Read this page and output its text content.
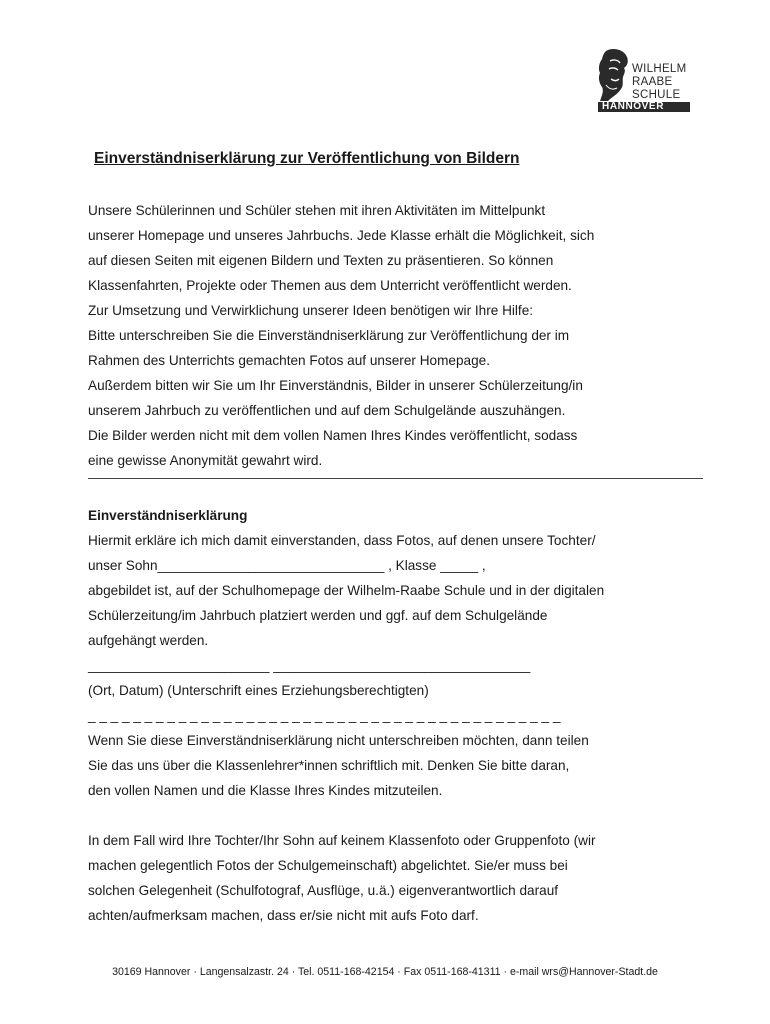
WILHELM
RAABE
SCHULE
HANNOVER
Einverständniserklärung zur Veröffentlichung von Bildern
Unsere Schülerinnen und Schüler stehen mit ihren Aktivitäten im Mittelpunkt
unserer Homepage und unseres Jahrbuchs. Jede Klasse erhält die Möglichkeit, sich
auf diesen Seiten mit eigenen Bildern und Texten zu präsentieren. So können
Klassenfahrten, Projekte oder Themen aus dem Unterricht veröffentlicht werden.
Zur Umsetzung und Verwirklichung unserer Ideen benötigen wir Ihre Hilfe:
Bitte unterschreiben Sie die Einverständniserklärung zur Veröffentlichung der im
Rahmen des Unterrichts gemachten Fotos auf unserer Homepage.
Außerdem bitten wir Sie um Ihr Einverständnis, Bilder in unserer Schülerzeitung/in
unserem Jahrbuch zu veröffentlichen und auf dem Schulgelände auszuhängen.
Die Bilder werden nicht mit dem vollen Namen Ihres Kindes veröffentlicht, sodass
eine gewisse Anonymität gewahrt wird.
Einverständniserklärung
Hiermit erkläre ich mich damit einverstanden, dass Fotos, auf denen unsere Tochter/
unser Sohn______________________________ , Klasse _____ ,
abgebildet ist, auf der Schulhomepage der Wilhelm-Raabe Schule und in der digitalen
Schülerzeitung/im Jahrbuch platziert werden und ggf. auf dem Schulgelände
aufgehängt werden.
________________________ __________________________________
(Ort, Datum) (Unterschrift eines Erziehungsberechtigten)
_ _ _ _ _ _ _ _ _ _ _ _ _ _ _ _ _ _ _ _ _ _ _ _ _ _ _ _ _ _ _ _ _ _ _ _ _ _ _ _ _ _
Wenn Sie diese Einverständniserklärung nicht unterschreiben möchten, dann teilen
Sie das uns über die Klassenlehrer*innen schriftlich mit. Denken Sie bitte daran,
den vollen Namen und die Klasse Ihres Kindes mitzuteilen.
In dem Fall wird Ihre Tochter/Ihr Sohn auf keinem Klassenfoto oder Gruppenfoto (wir
machen gelegentlich Fotos der Schulgemeinschaft) abgelichtet. Sie/er muss bei
solchen Gelegenheit (Schulfotograf, Ausflüge, u.ä.) eigenverantwortlich darauf
achten/aufmerksam machen, dass er/sie nicht mit aufs Foto darf.
30169 Hannover · Langensalzastr. 24 · Tel. 0511-168-42154 · Fax 0511-168-41311 · e-mail wrs@Hannover-Stadt.de
